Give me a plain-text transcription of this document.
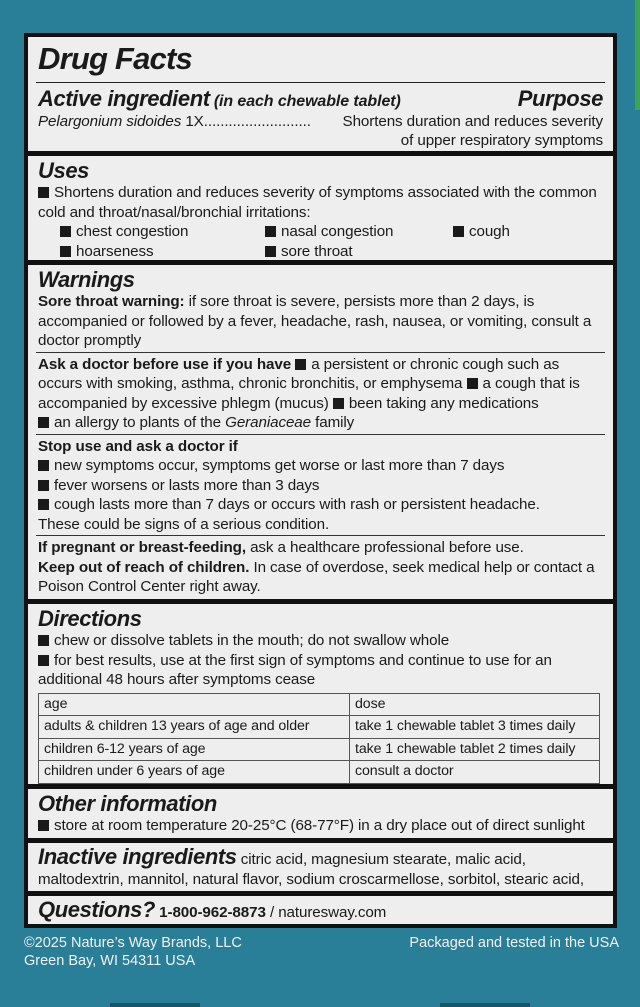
Drug Facts
Active ingredient (in each chewable tablet)	Purpose
Pelargonium sidoides 1X.......................... Shortens duration and reduces severity
of upper respiratory symptoms
Uses
Shortens duration and reduces severity of symptoms associated with the common cold and throat/nasal/bronchial irritations:
chest congestion	nasal congestion	cough
hoarseness	sore throat
Warnings
Sore throat warning: if sore throat is severe, persists more than 2 days, is accompanied or followed by a fever, headache, rash, nausea, or vomiting, consult a doctor promptly
Ask a doctor before use if you have a persistent or chronic cough such as occurs with smoking, asthma, chronic bronchitis, or emphysema a cough that is accompanied by excessive phlegm (mucus) been taking any medications
an allergy to plants of the Geraniaceae family
Stop use and ask a doctor if
new symptoms occur, symptoms get worse or last more than 7 days
fever worsens or lasts more than 3 days
cough lasts more than 7 days or occurs with rash or persistent headache.
These could be signs of a serious condition.
If pregnant or breast-feeding, ask a healthcare professional before use.
Keep out of reach of children. In case of overdose, seek medical help or contact a Poison Control Center right away.
Directions
chew or dissolve tablets in the mouth; do not swallow whole
for best results, use at the first sign of symptoms and continue to use for an additional 48 hours after symptoms cease
age	dose
adults & children 13 years of age and older	take 1 chewable tablet 3 times daily
children 6-12 years of age	take 1 chewable tablet 2 times daily
children under 6 years of age	consult a doctor
Other information
store at room temperature 20-25°C (68-77°F) in a dry place out of direct sunlight
Inactive ingredients citric acid, magnesium stearate, malic acid, maltodextrin, mannitol, natural flavor, sodium croscarmellose, sorbitol, stearic acid,
Questions? 1-800-962-8873 / naturesway.com
©2025 Nature’s Way Brands, LLC
Green Bay, WI 54311 USA
Packaged and tested in the USA
